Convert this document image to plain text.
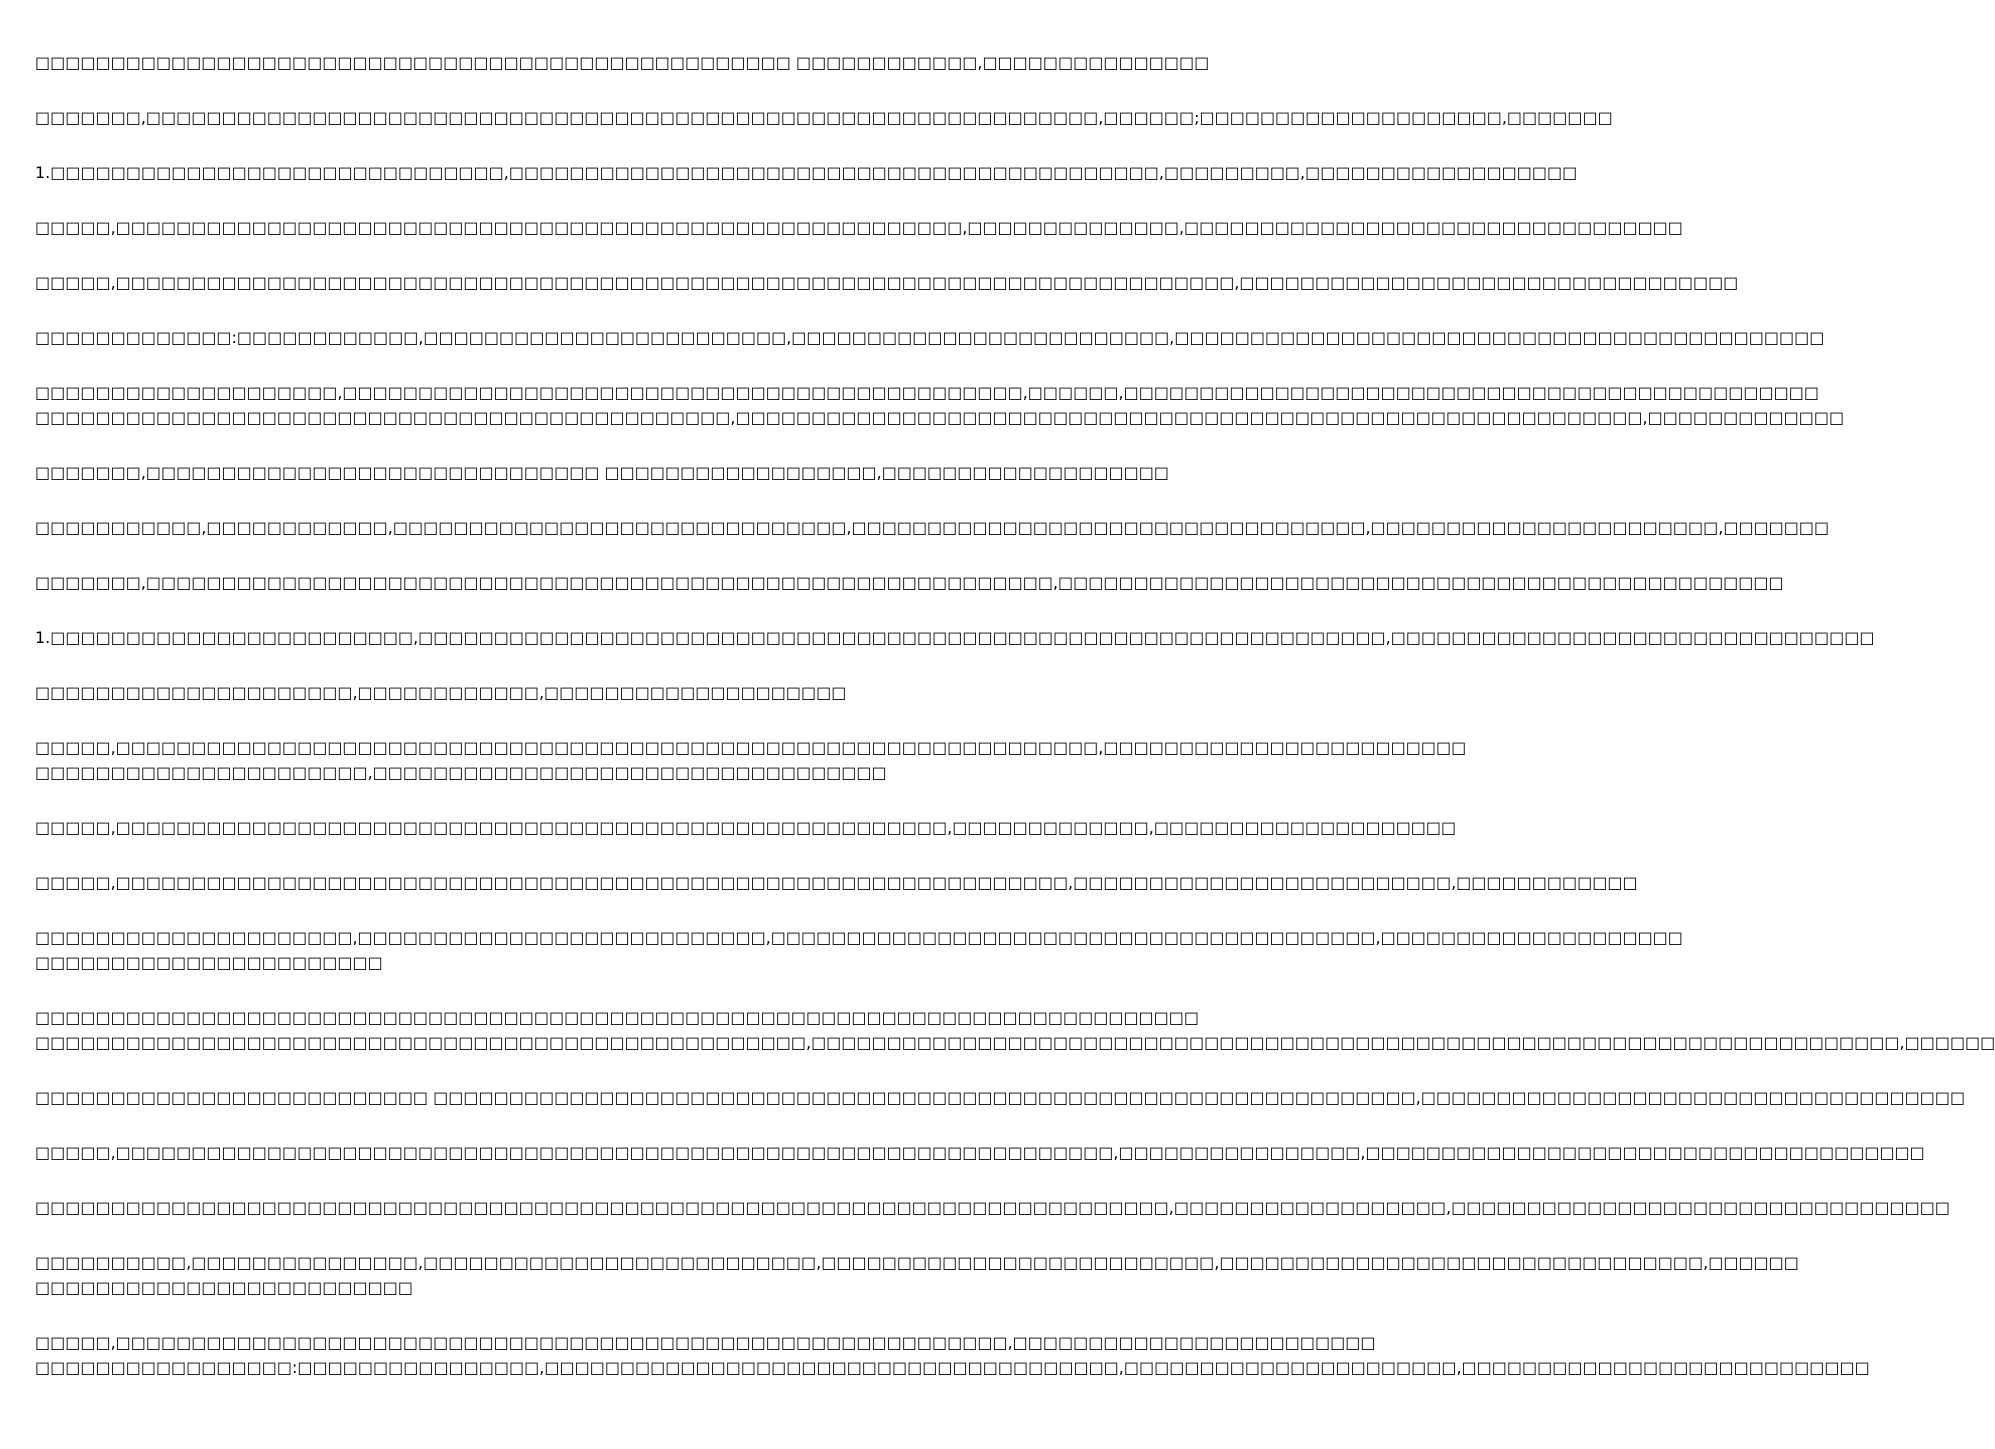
□□□□□□□□□□□□□□□□□□□□□□□□□□□□□□□□□□□□□□□□□□□□□□□□□□ □□□□□□□□□□□□,□□□□□□□□□□□□□□□
□□□□□□□,□□□□□□□□□□□□□□□□□□□□□□□□□□□□□□□□□□□□□□□□□□□□□□□□□□□□□□□□□□□□□□□,□□□□□□;□□□□□□□□□□□□□□□□□□□□,□□□□□□□
1.□□□□□□□□□□□□□□□□□□□□□□□□□□□□□□,□□□□□□□□□□□□□□□□□□□□□□□□□□□□□□□□□□□□□□□□□□□,□□□□□□□□□,□□□□□□□□□□□□□□□□□□
□□□□□,□□□□□□□□□□□□□□□□□□□□□□□□□□□□□□□□□□□□□□□□□□□□□□□□□□□□□□□□,□□□□□□□□□□□□□□,□□□□□□□□□□□□□□□□□□□□□□□□□□□□□□□□□
□□□□□,□□□□□□□□□□□□□□□□□□□□□□□□□□□□□□□□□□□□□□□□□□□□□□□□□□□□□□□□□□□□□□□□□□□□□□□□□□,□□□□□□□□□□□□□□□□□□□□□□□□□□□□□□□□□
□□□□□□□□□□□□□:□□□□□□□□□□□□,□□□□□□□□□□□□□□□□□□□□□□□□,□□□□□□□□□□□□□□□□□□□□□□□□□,□□□□□□□□□□□□□□□□□□□□□□□□□□□□□□□□□□□□□□□□□□□
□□□□□□□□□□□□□□□□□□□□,□□□□□□□□□□□□□□□□□□□□□□□□□□□□□□□□□□□□□□□□□□□□□,□□□□□□,□□□□□□□□□□□□□□□□□□□□□□□□□□□□□□□□□□□□□□□□□□□□□□
□□□□□□□□□□□□□□□□□□□□□□□□□□□□□□□□□□□□□□□□□□□□□□,□□□□□□□□□□□□□□□□□□□□□□□□□□□□□□□□□□□□□□□□□□□□□□□□□□□□□□□□□□□□,□□□□□□□□□□□□□
□□□□□□□,□□□□□□□□□□□□□□□□□□□□□□□□□□□□□□ □□□□□□□□□□□□□□□□□□,□□□□□□□□□□□□□□□□□□□
□□□□□□□□□□□,□□□□□□□□□□□□,□□□□□□□□□□□□□□□□□□□□□□□□□□□□□□,□□□□□□□□□□□□□□□□□□□□□□□□□□□□□□□□□□,□□□□□□□□□□□□□□□□□□□□□□□,□□□□□□□
□□□□□□□,□□□□□□□□□□□□□□□□□□□□□□□□□□□□□□□□□□□□□□□□□□□□□□□□□□□□□□□□□□□□,□□□□□□□□□□□□□□□□□□□□□□□□□□□□□□□□□□□□□□□□□□□□□□□□
1.□□□□□□□□□□□□□□□□□□□□□□□□,□□□□□□□□□□□□□□□□□□□□□□□□□□□□□□□□□□□□□□□□□□□□□□□□□□□□□□□□□□□□□□□□,□□□□□□□□□□□□□□□□□□□□□□□□□□□□□□□□
□□□□□□□□□□□□□□□□□□□□□,□□□□□□□□□□□□,□□□□□□□□□□□□□□□□□□□□
□□□□□,□□□□□□□□□□□□□□□□□□□□□□□□□□□□□□□□□□□□□□□□□□□□□□□□□□□□□□□□□□□□□□□□□,□□□□□□□□□□□□□□□□□□□□□□□□
□□□□□□□□□□□□□□□□□□□□□□,□□□□□□□□□□□□□□□□□□□□□□□□□□□□□□□□□□
□□□□□,□□□□□□□□□□□□□□□□□□□□□□□□□□□□□□□□□□□□□□□□□□□□□□□□□□□□□□□,□□□□□□□□□□□□□,□□□□□□□□□□□□□□□□□□□□
□□□□□,□□□□□□□□□□□□□□□□□□□□□□□□□□□□□□□□□□□□□□□□□□□□□□□□□□□□□□□□□□□□□□□,□□□□□□□□□□□□□□□□□□□□□□□□□,□□□□□□□□□□□□
□□□□□□□□□□□□□□□□□□□□□,□□□□□□□□□□□□□□□□□□□□□□□□□□□,□□□□□□□□□□□□□□□□□□□□□□□□□□□□□□□□□□□□□□□□,□□□□□□□□□□□□□□□□□□□□
□□□□□□□□□□□□□□□□□□□□□□□
□□□□□□□□□□□□□□□□□□□□□□□□□□□□□□□□□□□□□□□□□□□□□□□□□□□□□□□□□□□□□□□□□□□□□□□□□□□□□
□□□□□□□□□□□□□□□□□□□□□□□□□□□□□□□□□□□□□□□□□□□□□□□□□□□,□□□□□□□□□□□□□□□□□□□□□□□□□□□□□□□□□□□□□□□□□□□□□□□□□□□□□□□□□□□□□□□□□□□□□□□□,□□□□□□
□□□□□□□□□□□□□□□□□□□□□□□□□□ □□□□□□□□□□□□□□□□□□□□□□□□□□□□□□□□□□□□□□□□□□□□□□□□□□□□□□□□□□□□□□□□□,□□□□□□□□□□□□□□□□□□□□□□□□□□□□□□□□□□□□
□□□□□,□□□□□□□□□□□□□□□□□□□□□□□□□□□□□□□□□□□□□□□□□□□□□□□□□□□□□□□□□□□□□□□□□□,□□□□□□□□□□□□□□□□,□□□□□□□□□□□□□□□□□□□□□□□□□□□□□□□□□□□□□
□□□□□□□□□□□□□□□□□□□□□□□□□□□□□□□□□□□□□□□□□□□□□□□□□□□□□□□□□□□□□□□□□□□□□□□□□□□,□□□□□□□□□□□□□□□□□□,□□□□□□□□□□□□□□□□□□□□□□□□□□□□□□□□□
□□□□□□□□□□,□□□□□□□□□□□□□□□,□□□□□□□□□□□□□□□□□□□□□□□□□□,□□□□□□□□□□□□□□□□□□□□□□□□□□,□□□□□□□□□□□□□□□□□□□□□□□□□□□□□□□□,□□□□□□
□□□□□□□□□□□□□□□□□□□□□□□□□
□□□□□,□□□□□□□□□□□□□□□□□□□□□□□□□□□□□□□□□□□□□□□□□□□□□□□□□□□□□□□□□□□,□□□□□□□□□□□□□□□□□□□□□□□□
□□□□□□□□□□□□□□□□□:□□□□□□□□□□□□□□□□,□□□□□□□□□□□□□□□□□□□□□□□□□□□□□□□□□□□□□□,□□□□□□□□□□□□□□□□□□□□□□,□□□□□□□□□□□□□□□□□□□□□□□□□□□
